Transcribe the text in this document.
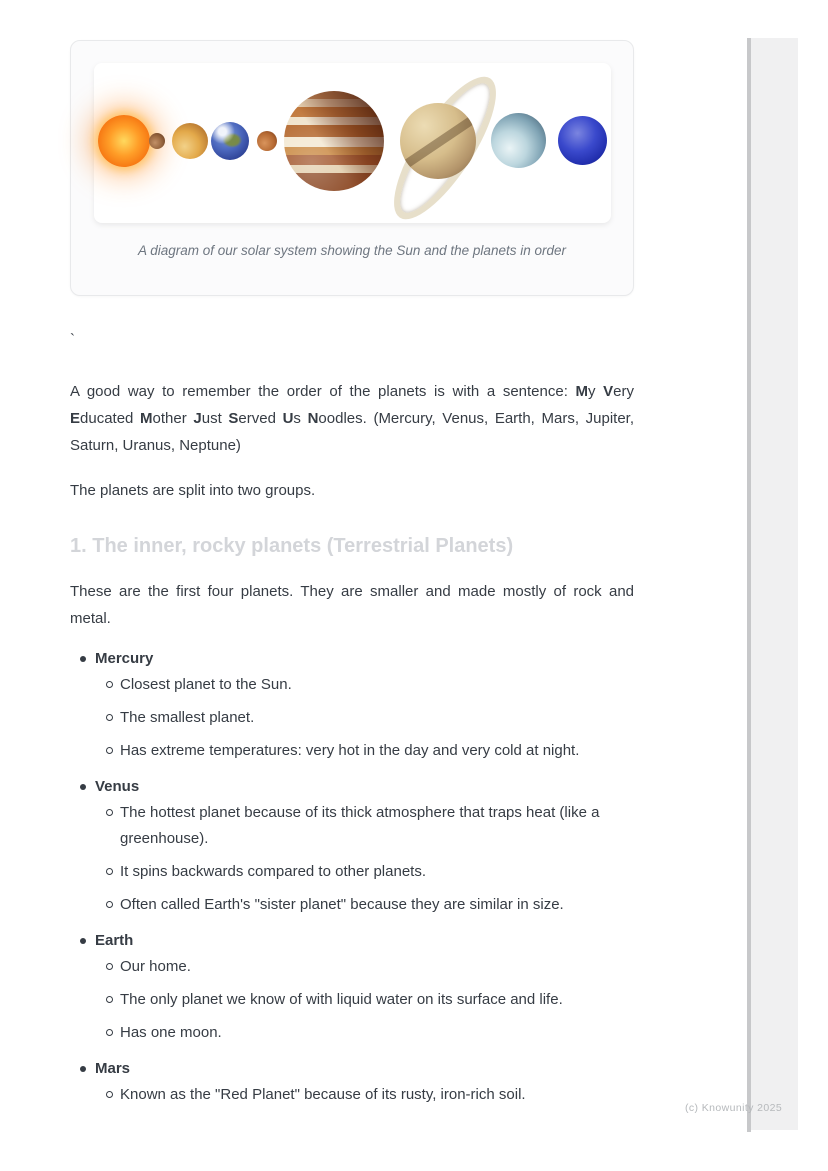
A diagram of our solar system showing the Sun and the planets in order

`

A good way to remember the order of the planets is with a sentence: My Very Educated Mother Just Served Us Noodles. (Mercury, Venus, Earth, Mars, Jupiter, Saturn, Uranus, Neptune)

The planets are split into two groups.

1. The inner, rocky planets (Terrestrial Planets)

These are the first four planets. They are smaller and made mostly of rock and metal.

Mercury
Closest planet to the Sun.
The smallest planet.
Has extreme temperatures: very hot in the day and very cold at night.
Venus
The hottest planet because of its thick atmosphere that traps heat (like a greenhouse).
It spins backwards compared to other planets.
Often called Earth's "sister planet" because they are similar in size.
Earth
Our home.
The only planet we know of with liquid water on its surface and life.
Has one moon.
Mars
Known as the "Red Planet" because of its rusty, iron-rich soil.
(c) Knowunity 2025
